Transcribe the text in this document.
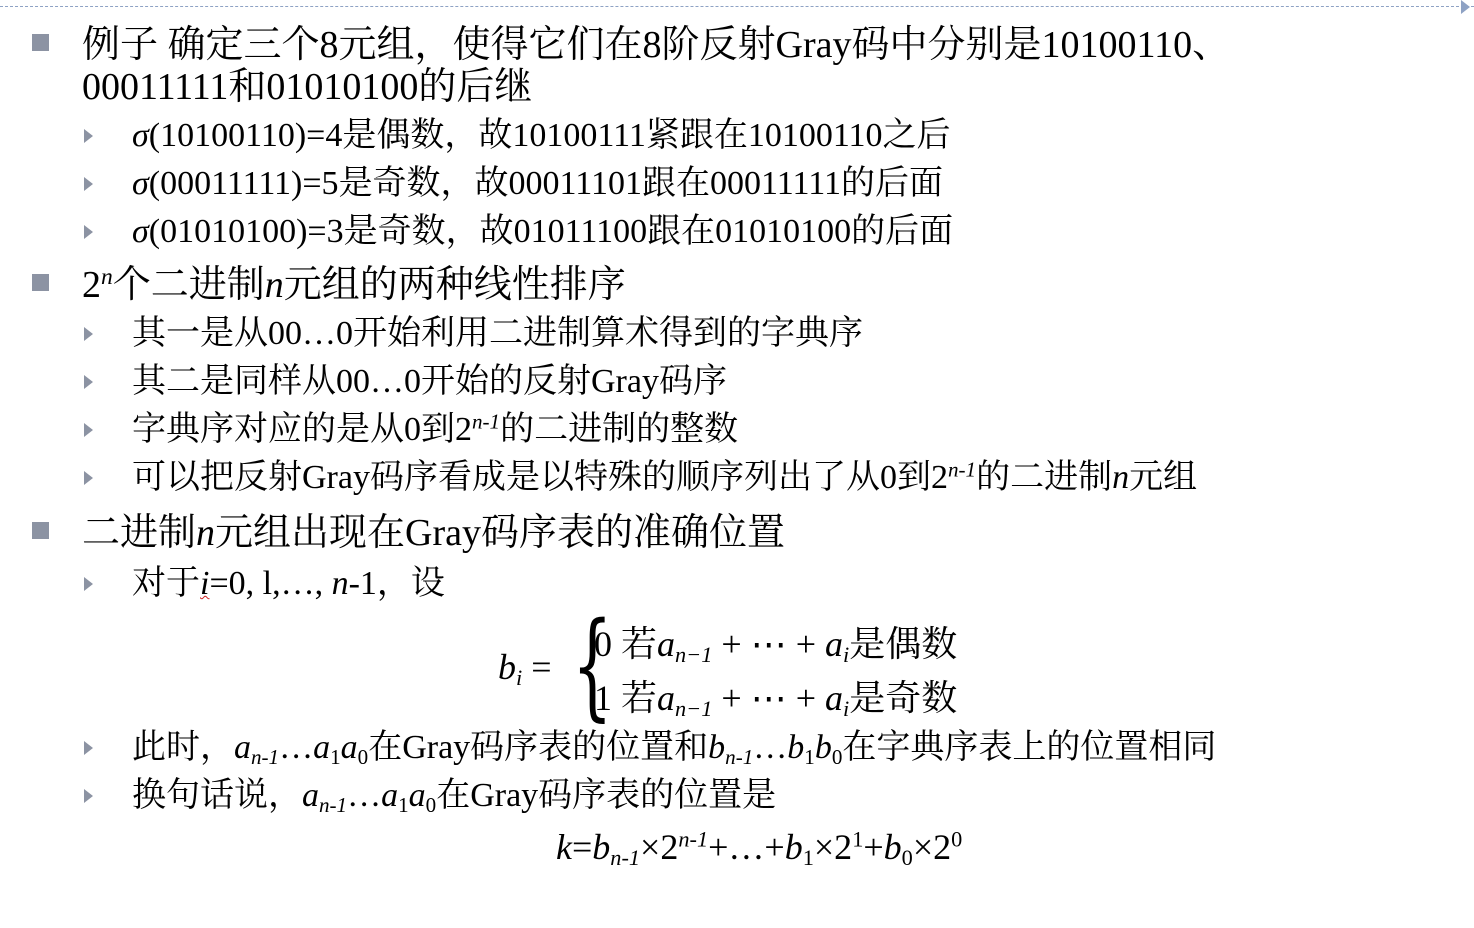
例子 确定三个8元组，使得它们在8阶反射Gray码中分别是10100110、
00011111和01010100的后继
σ(10100110)=4是偶数，故10100111紧跟在10100110之后
σ(00011111)=5是奇数，故00011101跟在00011111的后面
σ(01010100)=3是奇数，故01011100跟在01010100的后面
2$^n$个二进制n元组的两种线性排序
其一是从00…0开始利用二进制算术得到的字典序
其二是同样从00…0开始的反射Gray码序
字典序对应的是从0到2$^{n-1}$的二进制的整数
可以把反射Gray码序看成是以特殊的顺序列出了从0到2$^{n-1}$的二进制n元组
二进制n元组出现在Gray码序表的准确位置
对于i=0, l,…, n-1，设
$b_i$ = {
0 若$a_{n-1}$ + ⋯ + $a_i$是偶数
1 若$a_{n-1}$ + ⋯ + $a_i$是奇数
此时，$a_{n-1}\dots a_1a_0$在Gray码序表的位置和$b_{n-1}\dots b_1b_0$在字典序表上的位置相同
换句话说，$a_{n-1}\dots a_1a_0$在Gray码序表的位置是
$k=b_{n-1}\times 2^{n-1}+\dots+b_1\times 2^1+b_0\times 2^0$
